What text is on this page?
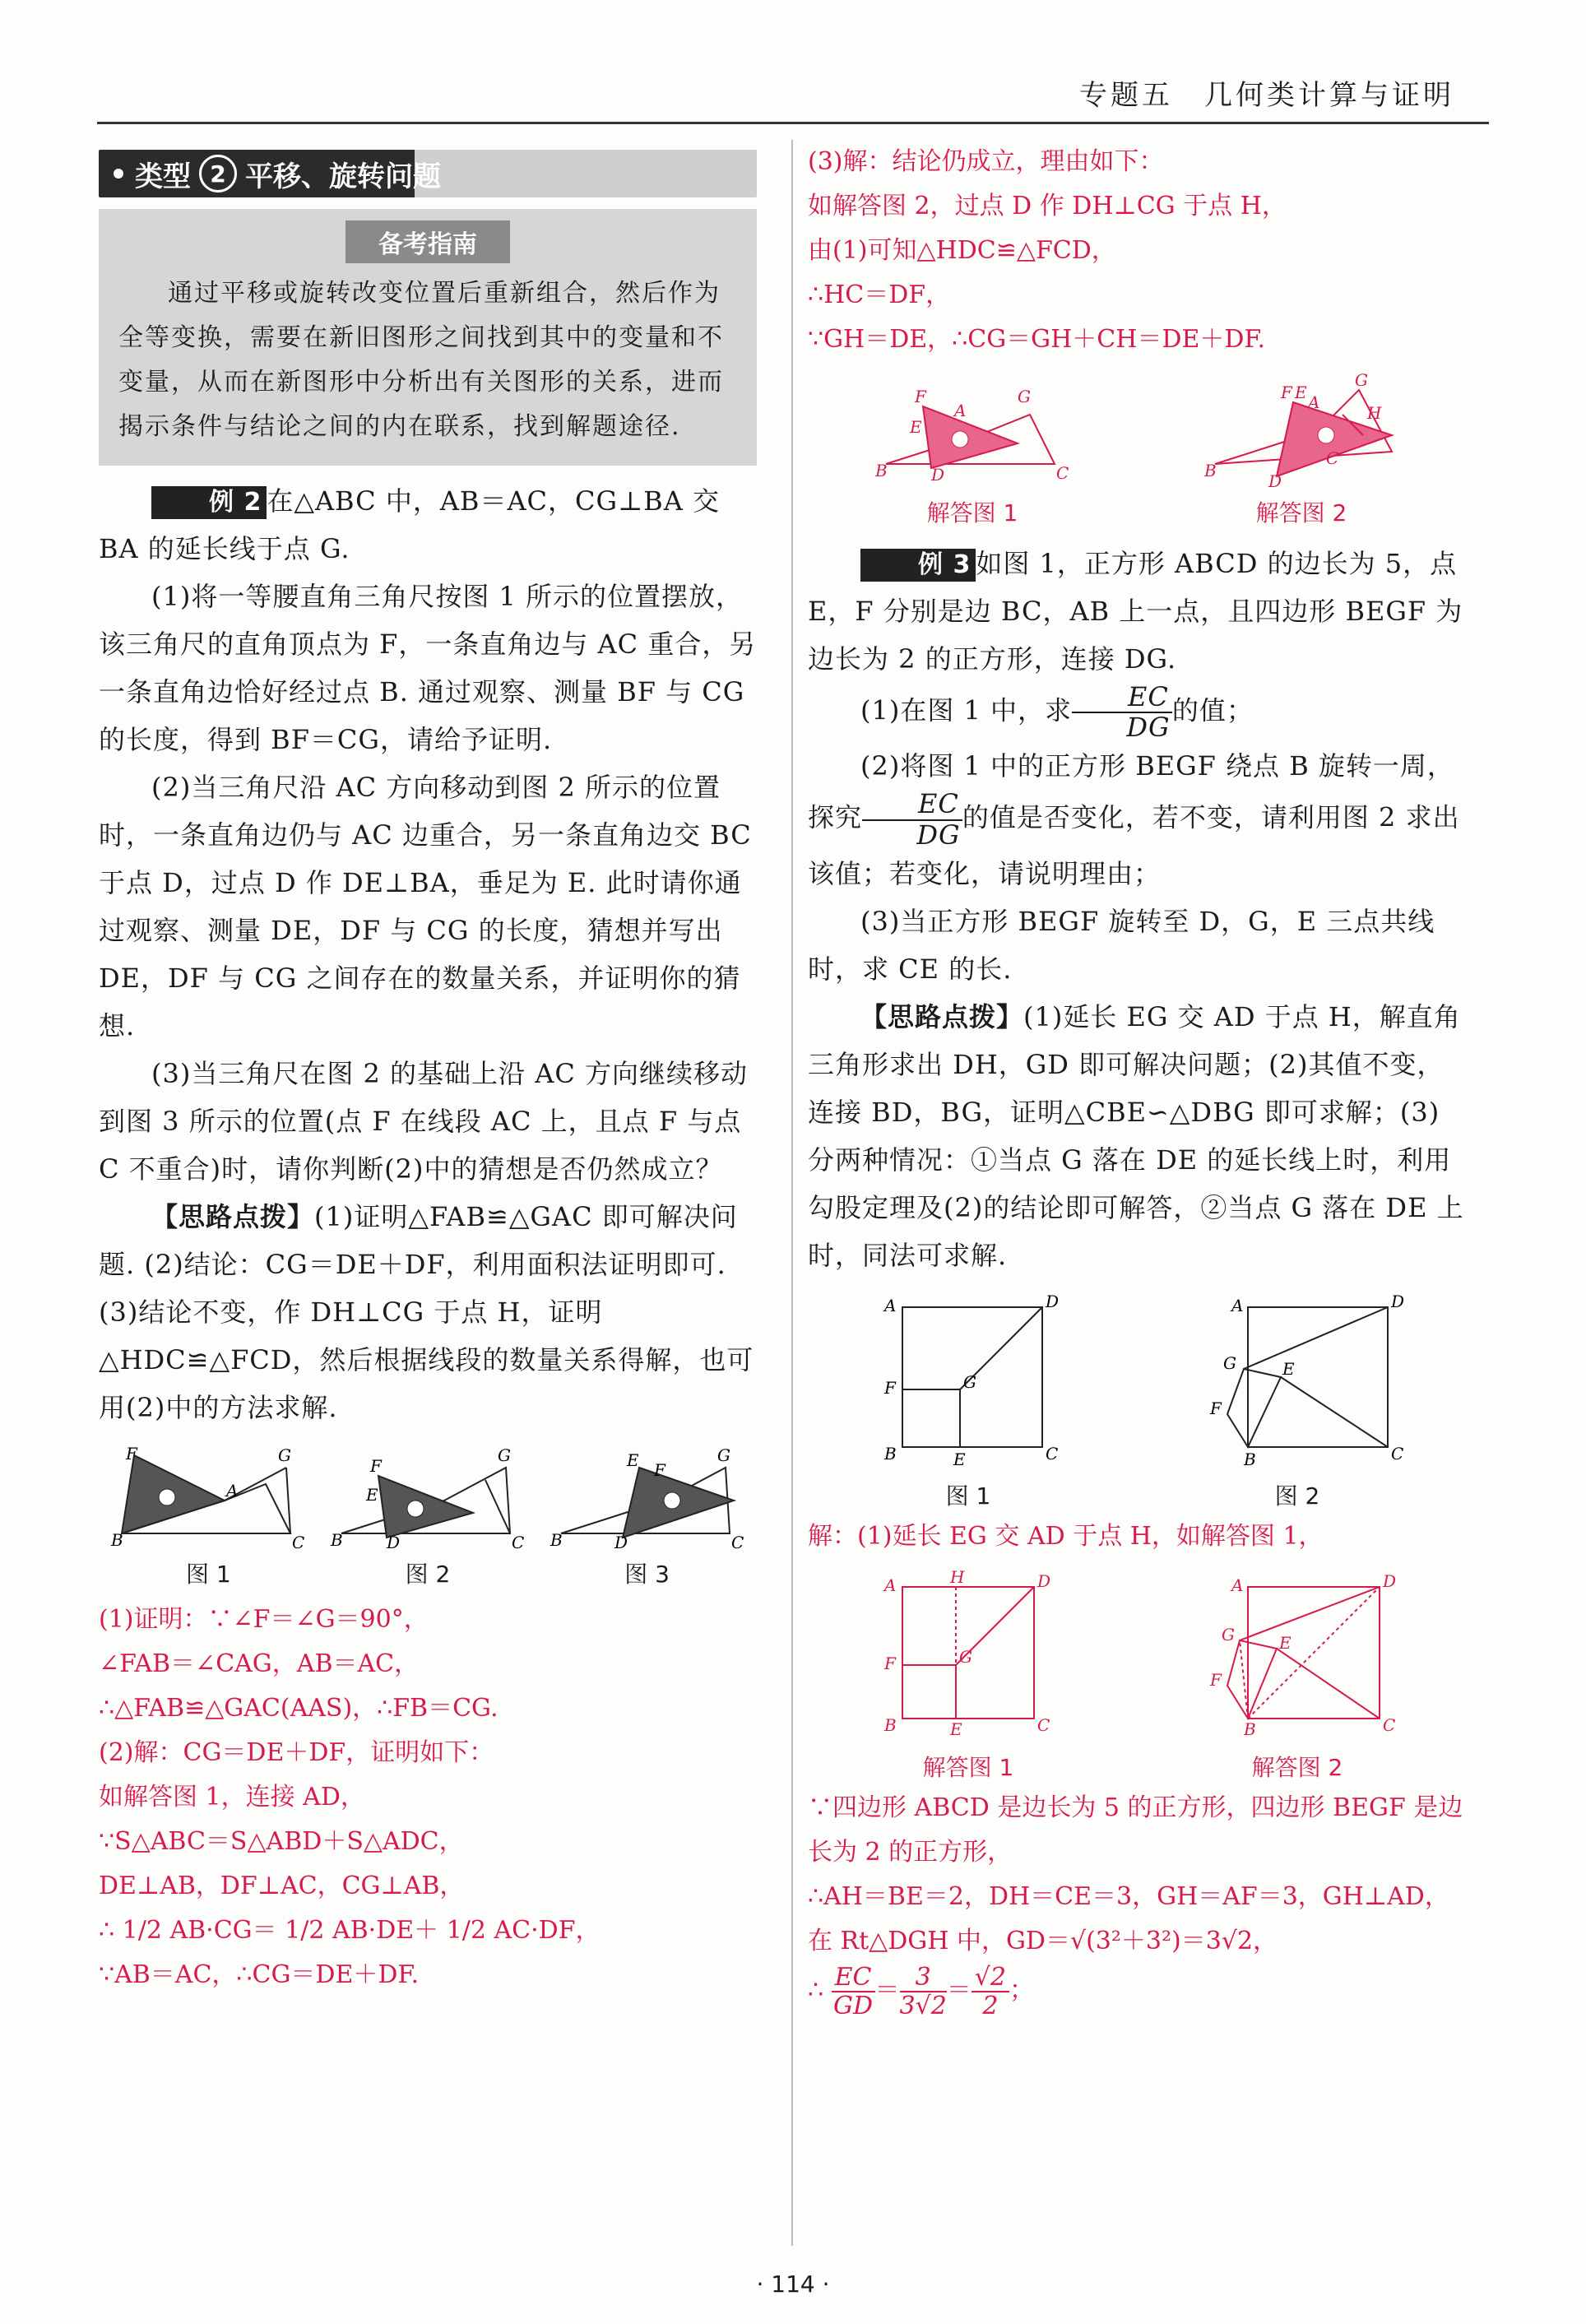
专题五　几何类计算与证明
类型 2 平移、旋转问题
备考指南
通过平移或旋转改变位置后重新组合，然后作为全等变换，需要在新旧图形之间找到其中的变量和不变量，从而在新图形中分析出有关图形的关系，进而揭示条件与结论之间的内在联系，找到解题途径.

例 2 在△ABC 中，AB＝AC，CG⊥BA 交 BA 的延长线于点 G.

(1)将一等腰直角三角尺按图 1 所示的位置摆放，该三角尺的直角顶点为 F，一条直角边与 AC 重合，另一条直角边恰好经过点 B. 通过观察、测量 BF 与 CG 的长度，得到 BF＝CG，请给予证明.

(2)当三角尺沿 AC 方向移动到图 2 所示的位置时，一条直角边仍与 AC 边重合，另一条直角边交 BC 于点 D，过点 D 作 DE⊥BA，垂足为 E. 此时请你通过观察、测量 DE，DF 与 CG 的长度，猜想并写出 DE，DF 与 CG 之间存在的数量关系，并证明你的猜想.

(3)当三角尺在图 2 的基础上沿 AC 方向继续移动到图 3 所示的位置(点 F 在线段 AC 上，且点 F 与点 C 不重合)时，请你判断(2)中的猜想是否仍然成立？

【思路点拨】(1)证明△FAB≌△GAC 即可解决问题. (2)结论：CG＝DE＋DF，利用面积法证明即可. (3)结论不变，作 DH⊥CG 于点 H，证明△HDC≌△FCD，然后根据线段的数量关系得解，也可用(2)中的方法求解.

F
A
G
B	C
图 1
F
E
G
B	D	C
图 2
E F
G
B	D	C
图 3

(1)证明：∵∠F＝∠G＝90°，

∠FAB＝∠CAG，AB＝AC，

∴△FAB≌△GAC(AAS)，∴FB＝CG.

(2)解：CG＝DE＋DF，证明如下：

如解答图 1，连接 AD，

∵S△ABC＝S△ABD＋S△ADC，

DE⊥AB，DF⊥AC，CG⊥AB，

∴ 1/2 AB·CG＝ 1/2 AB·DE＋ 1/2 AC·DF，

∵AB＝AC，∴CG＝DE＋DF.

(3)解：结论仍成立，理由如下：

如解答图 2，过点 D 作 DH⊥CG 于点 H，

由(1)可知△HDC≌△FCD，

∴HC＝DF，

∵GH＝DE，∴CG＝GH＋CH＝DE＋DF.

F
A
E
G
B	D	C
解答图 1
F E A
G
H
B
C
D
解答图 2

例 3 如图 1，正方形 ABCD 的边长为 5，点 E，F 分别是边 BC，AB 上一点，且四边形 BEGF 为边长为 2 的正方形，连接 DG.

(1)在图 1 中，求 $\frac{EC}{DG}$ 的值；

(2)将图 1 中的正方形 BEGF 绕点 B 旋转一周，探究 $\frac{EC}{DG}$ 的值是否变化，若不变，请利用图 2 求出该值；若变化，请说明理由；

(3)当正方形 BEGF 旋转至 D，G，E 三点共线时，求 CE 的长.

【思路点拨】(1)延长 EG 交 AD 于点 H，解直角三角形求出 DH，GD 即可解决问题；(2)其值不变，连接 BD，BG，证明△CBE∽△DBG 即可求解；(3)分两种情况：①当点 G 落在 DE 的延长线上时，利用勾股定理及(2)的结论即可解答，②当点 G 落在 DE 上时，同法可求解.

A	D
F	G
B	E	C
图 1
A	D
G	E
F
B	C
图 2

解：(1)延长 EG 交 AD 于点 H，如解答图 1，

A	H	D
F	G
B	E	C
解答图 1
A	D
G	E
F
B	C
解答图 2

∵四边形 ABCD 是边长为 5 的正方形，四边形 BEGF 是边长为 2 的正方形，

∴AH＝BE＝2，DH＝CE＝3，GH＝AF＝3，GH⊥AD，

在 Rt△DGH 中，GD＝√(3²＋3²)＝3√2，

∴ $\frac{EC}{GD} = \frac{3}{3√2} = \frac{√2}{2}$ ；

· 114 ·
